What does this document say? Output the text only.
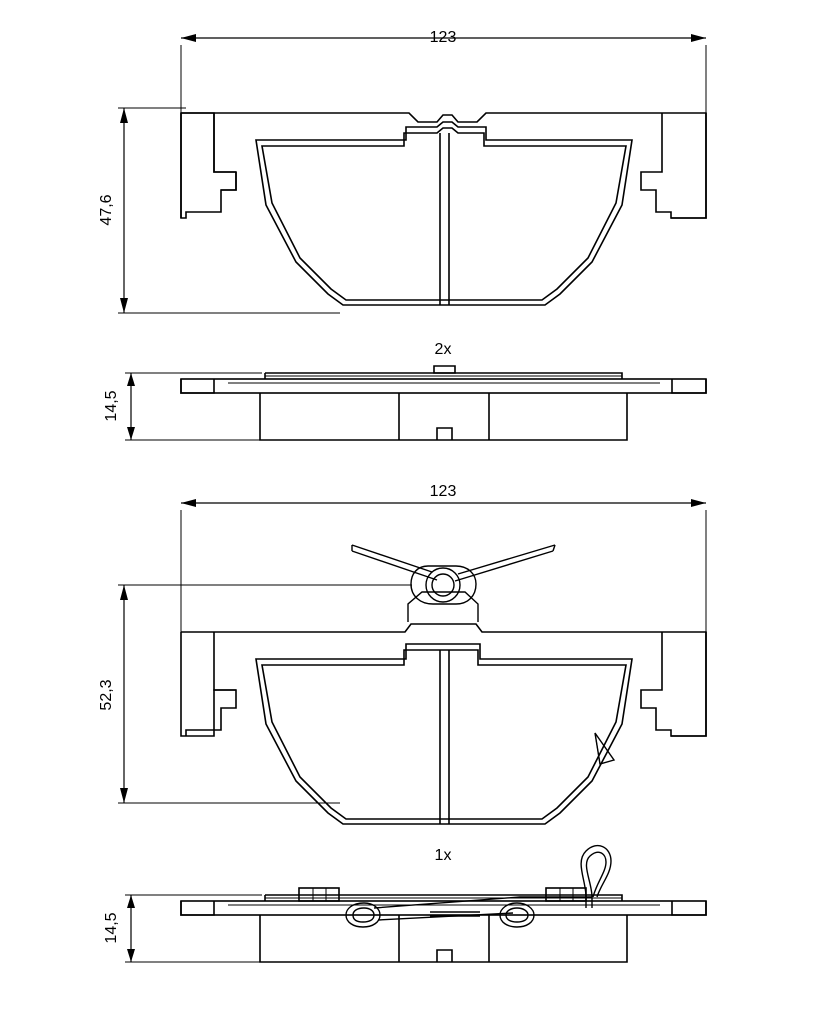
123
47,6
2x
14,5
123
52,3
1x
14,5
